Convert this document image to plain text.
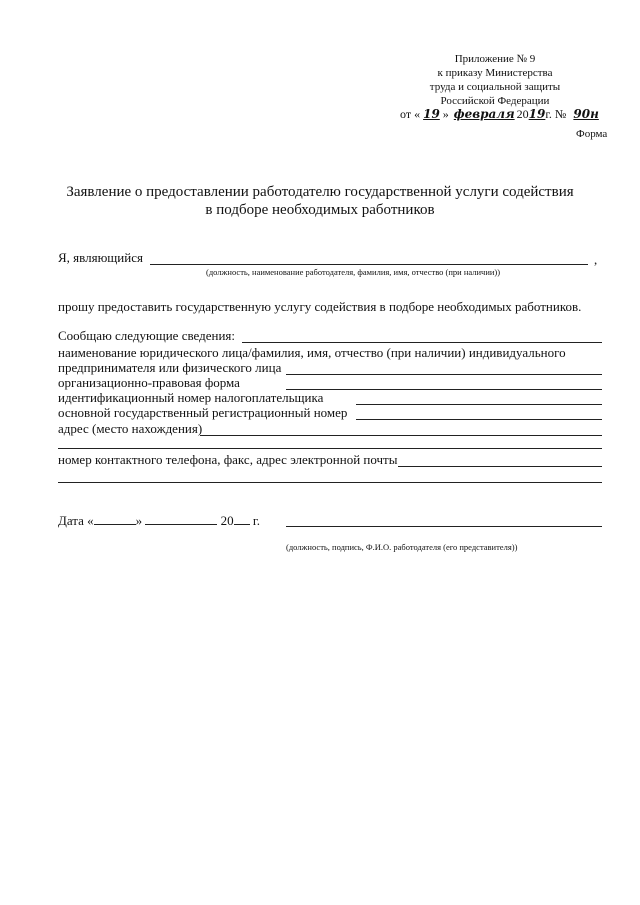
Приложение № 9
к приказу Министерства
труда и социальной защиты
Российской Федерации
от « 19 » февраля 2019г. № 90н
Форма
Заявление о предоставлении работодателю государственной услуги содействия
в подборе необходимых работников
Я, являющийся	,
(должность, наименование работодателя, фамилия, имя, отчество (при наличии))
прошу предоставить государственную услугу содействия в подборе необходимых работников.
Сообщаю следующие сведения:
наименование юридического лица/фамилия, имя, отчество (при наличии) индивидуального
предпринимателя или физического лица
организационно-правовая форма
идентификационный номер налогоплательщика
основной государственный регистрационный номер
адрес (место нахождения)
номер контактного телефона, факс, адрес электронной почты
Дата «	»	20 г.
(должность, подпись, Ф.И.О. работодателя (его представителя))
